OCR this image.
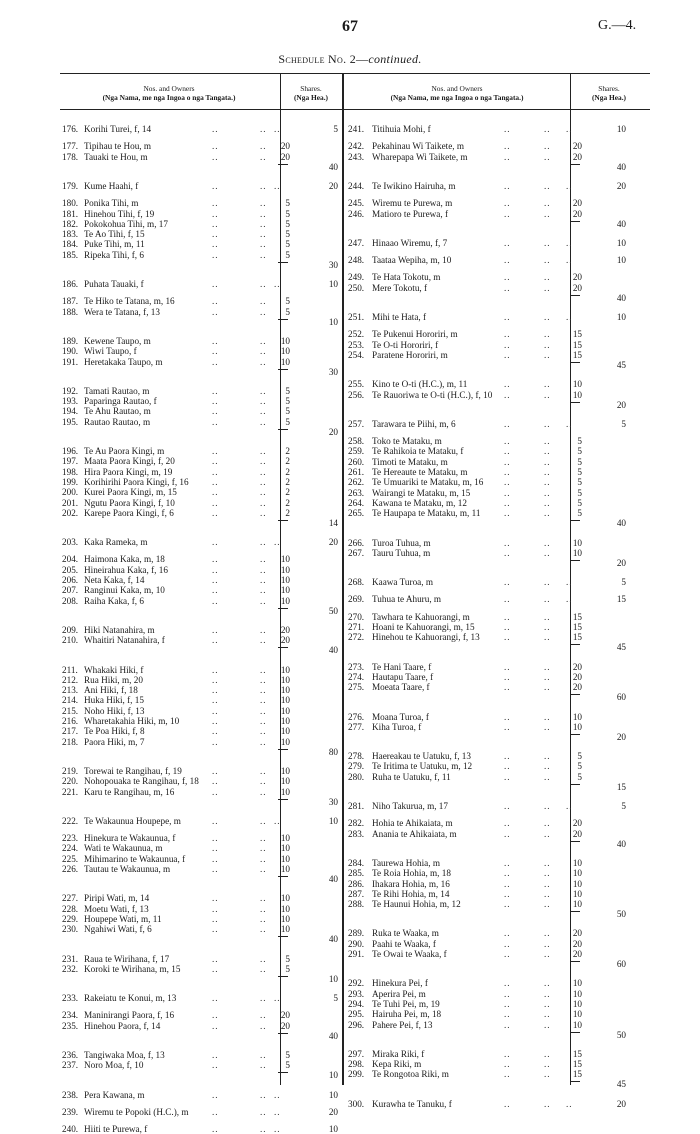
67	G.—4.
Schedule No. 2—continued.
Nos. and Owners
(Nga Nama, me nga Ingoa o nga Tangata.)
Shares.
(Nga Hea.)
Nos. and Owners
(Nga Nama, me nga Ingoa o nga Tangata.)
Shares.
(Nga Hea.)
176. Korihi Turei, f, 14	..	.. ..	5
177. Tipihau te Hou, m	..	..	20
178. Tauaki te Hou, m	..	..	20
40
179. Kume Haahi, f	..	.. ..	20
180. Ponika Tihi, m	..	..	5
181. Hinehou Tihi, f, 19	..	..	5
182. Pokokohua Tihi, m, 17	..	..	5
183. Te Ao Tihi, f, 15	..	..	5
184. Puke Tihi, m, 11	..	..	5
185. Ripeka Tihi, f, 6	..	..	5
30
186. Puhata Tauaki, f	..	.. ..	10
187. Te Hiko te Tatana, m, 16	..	..	5
188. Wera te Tatana, f, 13	..	..	5
10
189. Kewene Taupo, m	..	..	10
190. Wiwi Taupo, f	..	..	10
191. Heretakaka Taupo, m	..	..	10
30
192. Tamati Rautao, m	..	..	5
193. Paparinga Rautao, f	..	..	5
194. Te Ahu Rautao, m	..	..	5
195. Rautao Rautao, m	..	..	5
20
196. Te Au Paora Kingi, m	..	..	2
197. Maata Paora Kingi, f, 20	..	..	2
198. Hira Paora Kingi, m, 19	..	..	2
199. Korihirihi Paora Kingi, f, 16	..	..	2
200. Kurei Paora Kingi, m, 15	..	..	2
201. Ngutu Paora Kingi, f, 10	..	..	2
202. Karepe Paora Kingi, f, 6	..	..	2
14
203. Kaka Rameka, m	..	.. ..	20
204. Haimona Kaka, m, 18	..	..	10
205. Hineirahua Kaka, f, 16	..	..	10
206. Neta Kaka, f, 14	..	..	10
207. Ranginui Kaka, m, 10	..	..	10
208. Raiha Kaka, f, 6	..	..	10
50
209. Hiki Natanahira, m	..	..	20
210. Whaitiri Natanahira, f	..	..	20
40
211. Whakaki Hiki, f	..	..	10
212. Rua Hiki, m, 20	..	..	10
213. Ani Hiki, f, 18	..	..	10
214. Huka Hiki, f, 15	..	..	10
215. Noho Hiki, f, 13	..	..	10
216. Wharetakahia Hiki, m, 10	..	..	10
217. Te Poa Hiki, f, 8	..	..	10
218. Paora Hiki, m, 7	..	..	10
80
219. Torewai te Rangihau, f, 19	..	..	10
220. Nohopouaka te Rangihau, f, 18 ..	..	10
221. Karu te Rangihau, m, 16	..	..	10
30
222. Te Wakaunua Houpepe, m	..	.. ..	10
223. Hinekura te Wakaunua, f	..	..	10
224. Wati te Wakaunua, m	..	..	10
225. Mihimarino te Wakaunua, f	..	..	10
226. Tautau te Wakaunua, m	..	..	10
40
227. Piripi Wati, m, 14	..	..	10
228. Moetu Wati, f, 13	..	..	10
229. Houpepe Wati, m, 11	..	..	10
230. Ngahiwi Wati, f, 6	..	..	10
40
231. Raua te Wirihana, f, 17	..	..	5
232. Koroki te Wirihana, m, 15	..	..	5
10
233. Rakeiatu te Konui, m, 13	..	.. ..	5
234. Maninirangi Paora, f, 16	..	..	20
235. Hinehou Paora, f, 14	..	..	20
40
236. Tangiwaka Moa, f, 13	..	..	5
237. Noro Moa, f, 10	..	..	5
10
238. Pera Kawana, m	..	.. ..	10
239. Wiremu te Popoki (H.C.), m	..	.. ..	20
240. Hiiti te Purewa, f	..	.. ..	10
241. Titihuia Mohi, f	..	.. ..	10
242. Pekahinau Wi Taikete, m	..	..	20
243. Wharepapa Wi Taikete, m	..	..	20
40
244. Te Iwikino Hairuha, m	..	.. ..	20
245. Wiremu te Purewa, m	..	..	20
246. Matioro te Purewa, f	..	..	20
40
247. Hinaao Wiremu, f, 7	..	.. ..	10
248. Taataa Wepiha, m, 10	..	.. ..	10
249. Te Hata Tokotu, m	..	..	20
250. Mere Tokotu, f	..	..	20
40
251. Mihi te Hata, f	..	.. ..	10
252. Te Pukenui Hororiri, m	..	..	15
253. Te O-ti Hororiri, f	..	..	15
254. Paratene Hororiri, m	..	..	15
45
255. Kino te O-ti (H.C.), m, 11	..	..	10
256. Te Rauoriwa te O-ti (H.C.), f, 10 ..	..	10
20
257. Tarawara te Piihi, m, 6	..	.. ..	5
258. Toko te Mataku, m	..	..	5
259. Te Rahikoia te Mataku, f	..	..	5
260. Timoti te Mataku, m	..	..	5
261. Te Hereaute te Mataku, m	..	..	5
262. Te Umuariki te Mataku, m, 16 ..	..	5
263. Wairangi te Mataku, m, 15	..	..	5
264. Kawana te Mataku, m, 12	..	..	5
265. Te Haupapa te Mataku, m, 11	..	..	5
40
266. Turoa Tuhua, m	..	..	10
267. Tauru Tuhua, m	..	..	10
20
268. Kaawa Turoa, m	..	.. ..	5
269. Tuhua te Ahuru, m	..	.. ..	15
270. Tawhara te Kahuorangi, m	..	..	15
271. Hoani te Kahuorangi, m, 15	..	..	15
272. Hinehou te Kahuorangi, f, 13	..	..	15
45
273. Te Hani Taare, f	..	..	20
274. Hautapu Taare, f	..	..	20
275. Moeata Taare, f	..	..	20
60
276. Moana Turoa, f	..	..	10
277. Kiha Turoa, f	..	..	10
20
278. Haereakau te Uatuku, f, 13	..	..	5
279. Te Iritima te Uatuku, m, 12	..	..	5
280. Ruha te Uatuku, f, 11	..	..	5
15
281. Niho Takurua, m, 17	..	.. ..	5
282. Hohia te Ahikaiata, m	..	..	20
283. Anania te Ahikaiata, m	..	..	20
40
284. Taurewa Hohia, m	..	..	10
285. Te Roia Hohia, m, 18	..	..	10
286. Ihakara Hohia, m, 16	..	..	10
287. Te Rihi Hohia, m, 14	..	..	10
288. Te Haunui Hohia, m, 12	..	..	10
50
289. Ruka te Waaka, m	..	..	20
290. Paahi te Waaka, f	..	..	20
291. Te Owai te Waaka, f	..	..	20
60
292. Hinekura Pei, f	..	..	10
293. Aperira Pei, m	..	..	10
294. Te Tuhi Pei, m, 19	..	..	10
295. Hairuha Pei, m, 18	..	..	10
296. Pahere Pei, f, 13	..	..	10
50
297. Miraka Riki, f	..	..	15
298. Kepa Riki, m	..	..	15
299. Te Rongotoa Riki, m	..	..	15
45
300. Kurawha te Tanuku, f	..	.. ..	20
